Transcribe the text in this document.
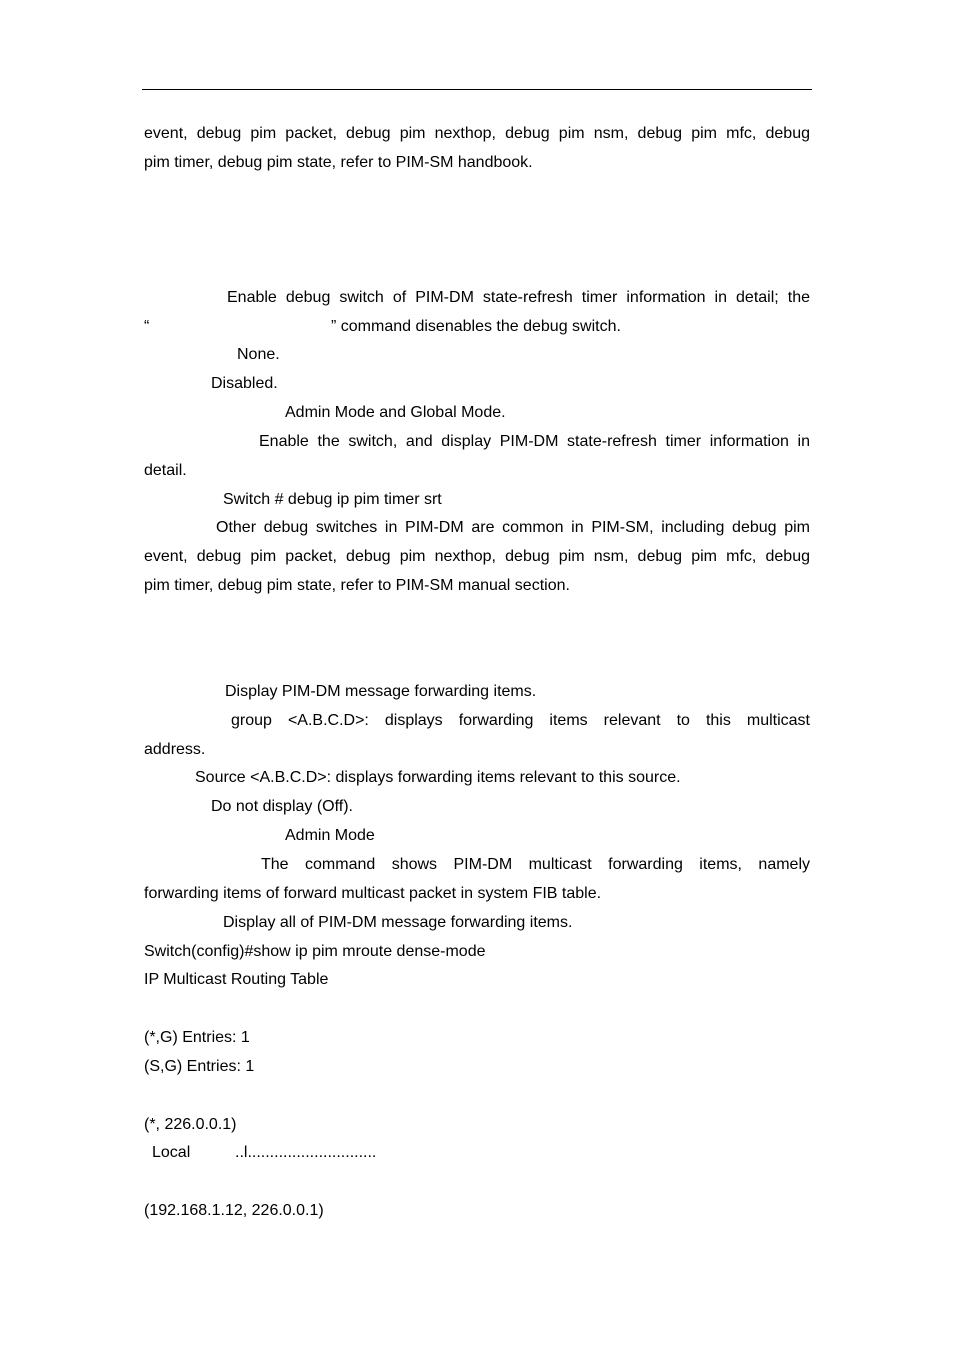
event, debug pim packet, debug pim nexthop, debug pim nsm, debug pim mfc, debug
pim timer, debug pim state, refer to PIM-SM handbook.
Enable debug switch of PIM-DM state-refresh timer information in detail; the
“	” command disenables the debug switch.
None.
Disabled.
Admin Mode and Global Mode.
Enable the switch, and display PIM-DM state-refresh timer information in
detail.
Switch # debug ip pim timer srt
Other debug switches in PIM-DM are common in PIM-SM, including debug pim
event, debug pim packet, debug pim nexthop, debug pim nsm, debug pim mfc, debug
pim timer, debug pim state, refer to PIM-SM manual section.
Display PIM-DM message forwarding items.
group <A.B.C.D>: displays forwarding items relevant to this multicast
address.
Source <A.B.C.D>: displays forwarding items relevant to this source.
Do not display (Off).
Admin Mode
The command shows PIM-DM multicast forwarding items, namely
forwarding items of forward multicast packet in system FIB table.
Display all of PIM-DM message forwarding items.
Switch(config)#show ip pim mroute dense-mode
IP Multicast Routing Table
(*,G) Entries: 1
(S,G) Entries: 1
(*, 226.0.0.1)
Local	..l.............................
(192.168.1.12, 226.0.0.1)
